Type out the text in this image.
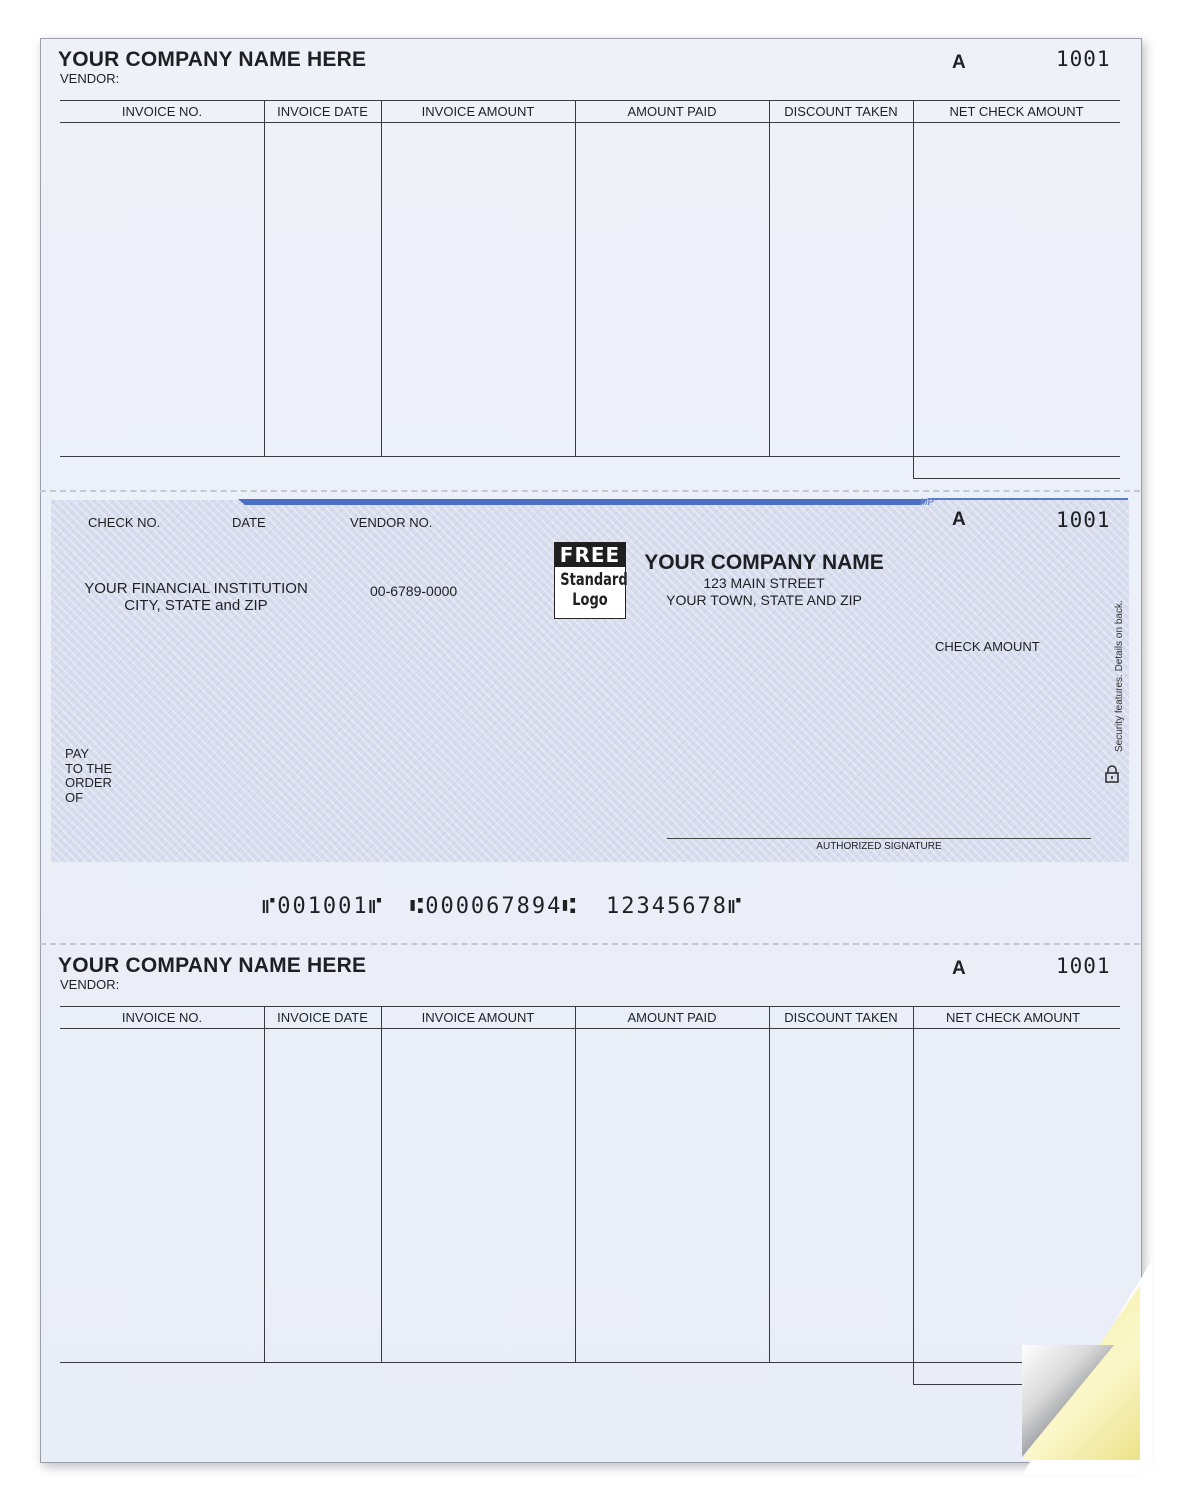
YOUR COMPANY NAME HERE
VENDOR:
A	1001
INVOICE NO.	INVOICE DATE	INVOICE AMOUNT	AMOUNT PAID	DISCOUNT TAKEN	NET CHECK AMOUNT
MP
A	1001
CHECK NO.	DATE	VENDOR NO.
YOUR FINANCIAL INSTITUTION
CITY, STATE and ZIP
00-6789-0000
FREE
Standard
Logo
YOUR COMPANY NAME
123 MAIN STREET
YOUR TOWN, STATE AND ZIP
CHECK AMOUNT	Security features. Details on back.
PAY
TO THE
ORDER
OF
AUTHORIZED SIGNATURE
⑈001001⑈ ⑆000067894⑆ 12345678⑈
YOUR COMPANY NAME HERE
VENDOR:
A	1001
INVOICE NO.	INVOICE DATE	INVOICE AMOUNT	AMOUNT PAID	DISCOUNT TAKEN	NET CHECK AMOUNT
